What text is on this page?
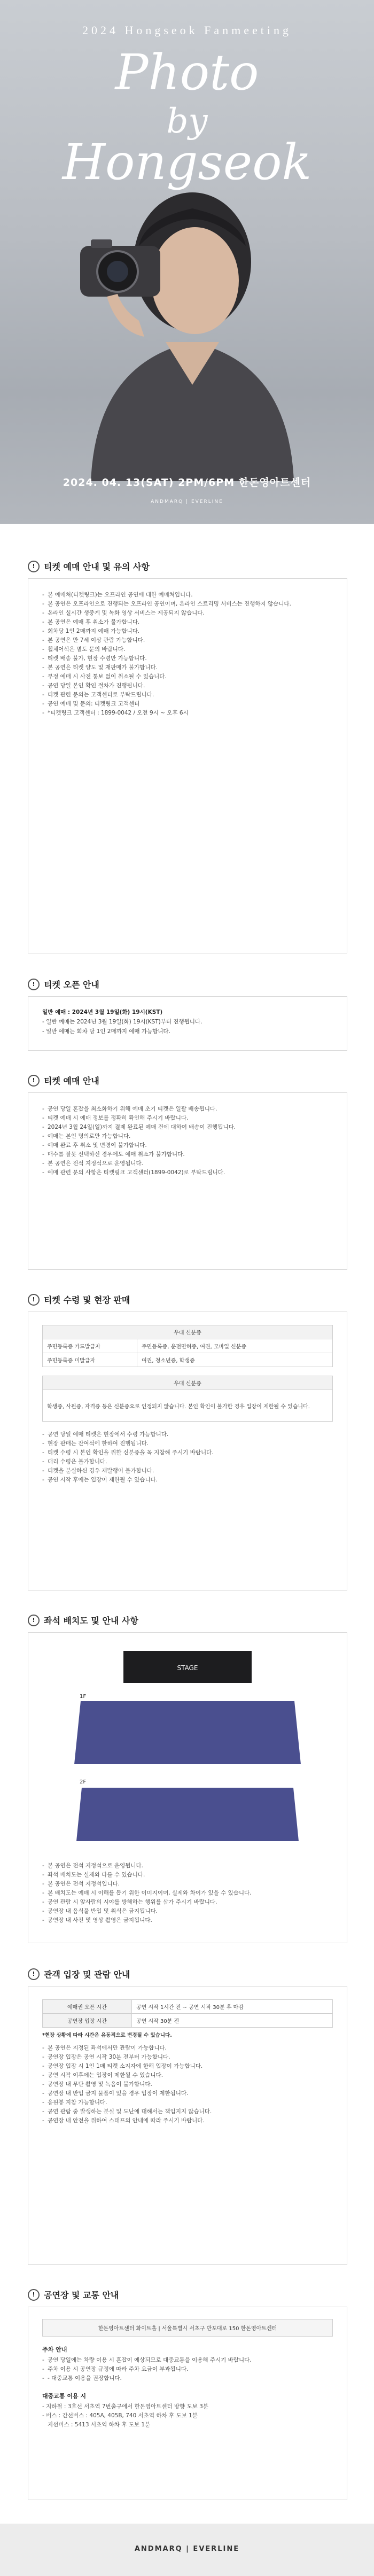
2024 Hongseok Fanmeeting
Photo
by
Hongseok
2024. 04. 13(SAT) 2PM/6PM 한돈영아트센터
ANDMARQ | EVERLINE
!	티켓 예매 안내 및 유의 사항
- 본 예매처(티켓링크)는 오프라인 공연에 대한 예매처입니다.
- 본 공연은 오프라인으로 진행되는 오프라인 공연이며, 온라인 스트리밍 서비스는 진행하지 않습니다.
- 온라인 실시간 생중계 및 녹화 영상 서비스는 제공되지 않습니다.
- 본 공연은 예매 후 취소가 불가합니다.
- 회차당 1인 2매까지 예매 가능합니다.
- 본 공연은 만 7세 이상 관람 가능합니다.
- 휠체어석은 별도 문의 바랍니다.
- 티켓 배송 불가, 현장 수령만 가능합니다.
- 본 공연은 티켓 양도 및 재판매가 불가합니다.
- 부정 예매 시 사전 통보 없이 취소될 수 있습니다.
- 공연 당일 본인 확인 절차가 진행됩니다.
- 티켓 관련 문의는 고객센터로 부탁드립니다.
- 공연 예매 및 문의: 티켓링크 고객센터
- *티켓링크 고객센터 : 1899-0042 / 오전 9시 ~ 오후 6시
!	티켓 오픈 안내
일반 예매 : 2024년 3월 19일(화) 19시(KST)
- 일반 예매는 2024년 3월 19일(화) 19시(KST)부터 진행됩니다.
- 일반 예매는 회차 당 1인 2매까지 예매 가능합니다.
!	티켓 예매 안내
- 공연 당일 혼잡을 최소화하기 위해 예매 초기 티켓은 일괄 배송됩니다.
- 티켓 예매 시 예매 정보를 정확히 확인해 주시기 바랍니다.
- 2024년 3월 24일(일)까지 결제 완료된 예매 건에 대하여 배송이 진행됩니다.
- 예매는 본인 명의로만 가능합니다.
- 예매 완료 후 취소 및 변경이 불가합니다.
- 매수를 잘못 선택하신 경우에도 예매 취소가 불가합니다.
- 본 공연은 전석 지정석으로 운영됩니다.
- 예매 관련 문의 사항은 티켓링크 고객센터(1899-0042)로 부탁드립니다.
!	티켓 수령 및 현장 판매
우대 신분증	
주민등록증 카드발급자	주민등록증, 운전면허증, 여권, 모바일 신분증
주민등록증 미발급자	여권, 청소년증, 학생증
우대 신분증
학생증, 사원증, 자격증 등은 신분증으로 인정되지 않습니다. 본인 확인이 불가한 경우 입장이 제한될 수 있습니다.
- 공연 당일 예매 티켓은 현장에서 수령 가능합니다.
- 현장 판매는 잔여석에 한하여 진행됩니다.
- 티켓 수령 시 본인 확인을 위한 신분증을 꼭 지참해 주시기 바랍니다.
- 대리 수령은 불가합니다.
- 티켓을 분실하신 경우 재발행이 불가합니다.
- 공연 시작 후에는 입장이 제한될 수 있습니다.
!	좌석 배치도 및 안내 사항
STAGE
1F
2F
- 본 공연은 전석 지정석으로 운영됩니다.
- 좌석 배치도는 실제와 다를 수 있습니다.
- 본 공연은 전석 지정석입니다.
- 본 배치도는 예매 시 이해를 돕기 위한 이미지이며, 실제와 차이가 있을 수 있습니다.
- 공연 관람 시 앞사람의 시야를 방해하는 행위를 삼가 주시기 바랍니다.
- 공연장 내 음식물 반입 및 취식은 금지됩니다.
- 공연장 내 사진 및 영상 촬영은 금지됩니다.
!	관객 입장 및 관람 안내
예매권 오픈 시간	공연 시작 1시간 전 ~ 공연 시작 30분 후 마감
공연장 입장 시간	공연 시작 30분 전
*현장 상황에 따라 시간은 유동적으로 변경될 수 있습니다.
- 본 공연은 지정된 좌석에서만 관람이 가능합니다.
- 공연장 입장은 공연 시작 30분 전부터 가능합니다.
- 공연장 입장 시 1인 1매 티켓 소지자에 한해 입장이 가능합니다.
- 공연 시작 이후에는 입장이 제한될 수 있습니다.
- 공연장 내 무단 촬영 및 녹음이 불가합니다.
- 공연장 내 반입 금지 물품이 있을 경우 입장이 제한됩니다.
- 응원봉 지참 가능합니다.
- 공연 관람 중 발생하는 분실 및 도난에 대해서는 책임지지 않습니다.
- 공연장 내 안전을 위하여 스태프의 안내에 따라 주시기 바랍니다.
!	공연장 및 교통 안내
한돈영아트센터 화이트홀 | 서울특별시 서초구 반포대로 150 한돈영아트센터
주차 안내
- 공연 당일에는 차량 이용 시 혼잡이 예상되므로 대중교통을 이용해 주시기 바랍니다.
- 주차 이용 시 공연장 규정에 따라 주차 요금이 부과됩니다.
- - 대중교통 이용을 권장합니다.
대중교통 이용 시
- 지하철 : 3호선 서초역 7번출구에서 한돈영아트센터 방향 도보 3분
- 버스 : 간선버스 : 405A, 405B, 740 서초역 하차 후 도보 1분
지선버스 : 5413 서초역 하차 후 도보 1분
ANDMARQ | EVERLINE
